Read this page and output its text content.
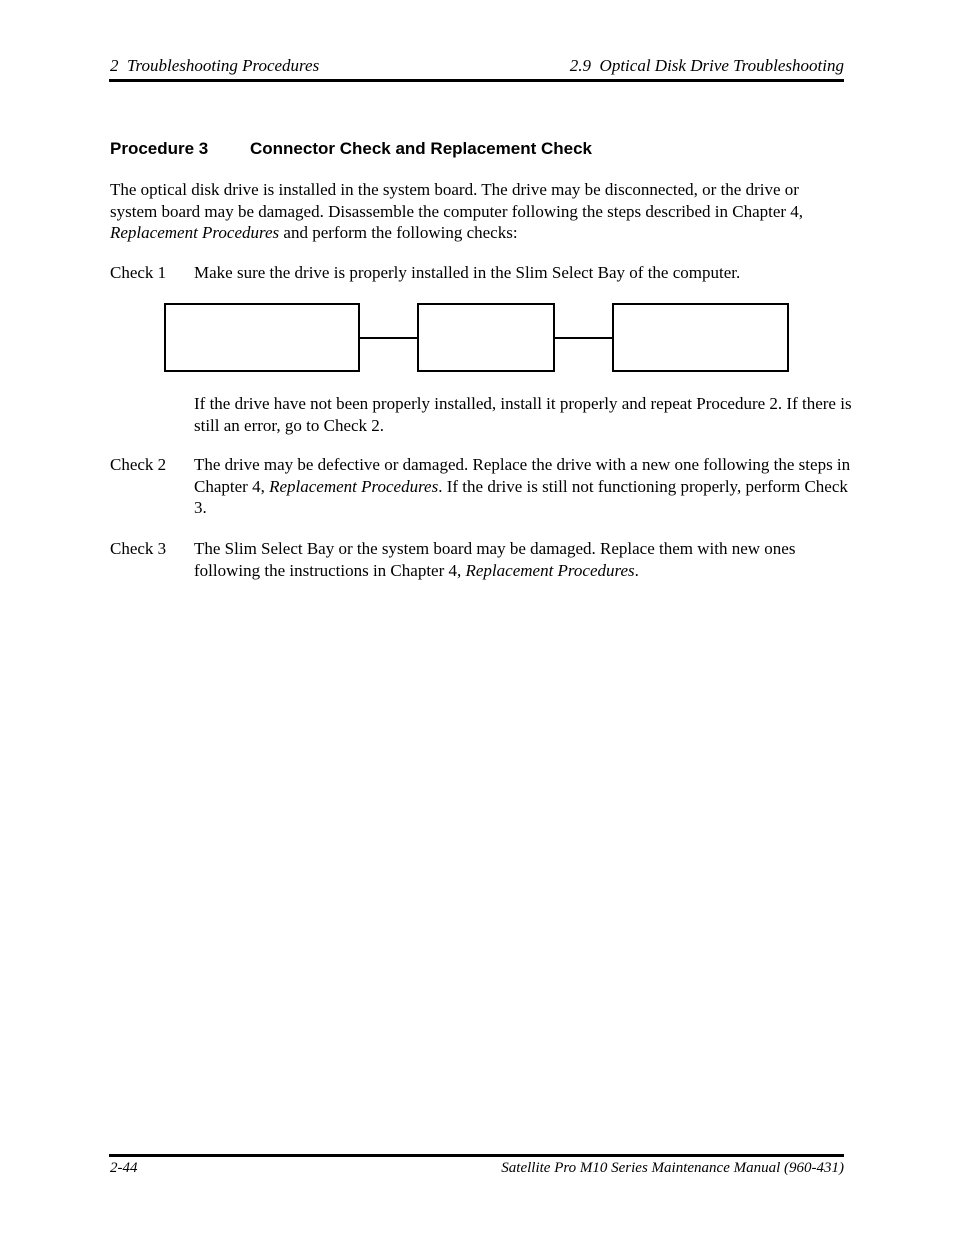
2  Troubleshooting Procedures	2.9  Optical Disk Drive Troubleshooting
Procedure 3 Connector Check and Replacement Check
The optical disk drive is installed in the system board. The drive may be disconnected, or the drive or system board may be damaged. Disassemble the computer following the steps described in Chapter 4, Replacement Procedures and perform the following checks:
Check 1 Make sure the drive is properly installed in the Slim Select Bay of the computer.
If the drive have not been properly installed, install it properly and repeat Procedure 2. If there is still an error, go to Check 2.
Check 2 The drive may be defective or damaged. Replace the drive with a new one following the steps in Chapter 4, Replacement Procedures. If the drive is still not functioning properly, perform Check 3.
Check 3 The Slim Select Bay or the system board may be damaged. Replace them with new ones following the instructions in Chapter 4, Replacement Procedures.
2-44	Satellite Pro M10 Series Maintenance Manual (960-431)
